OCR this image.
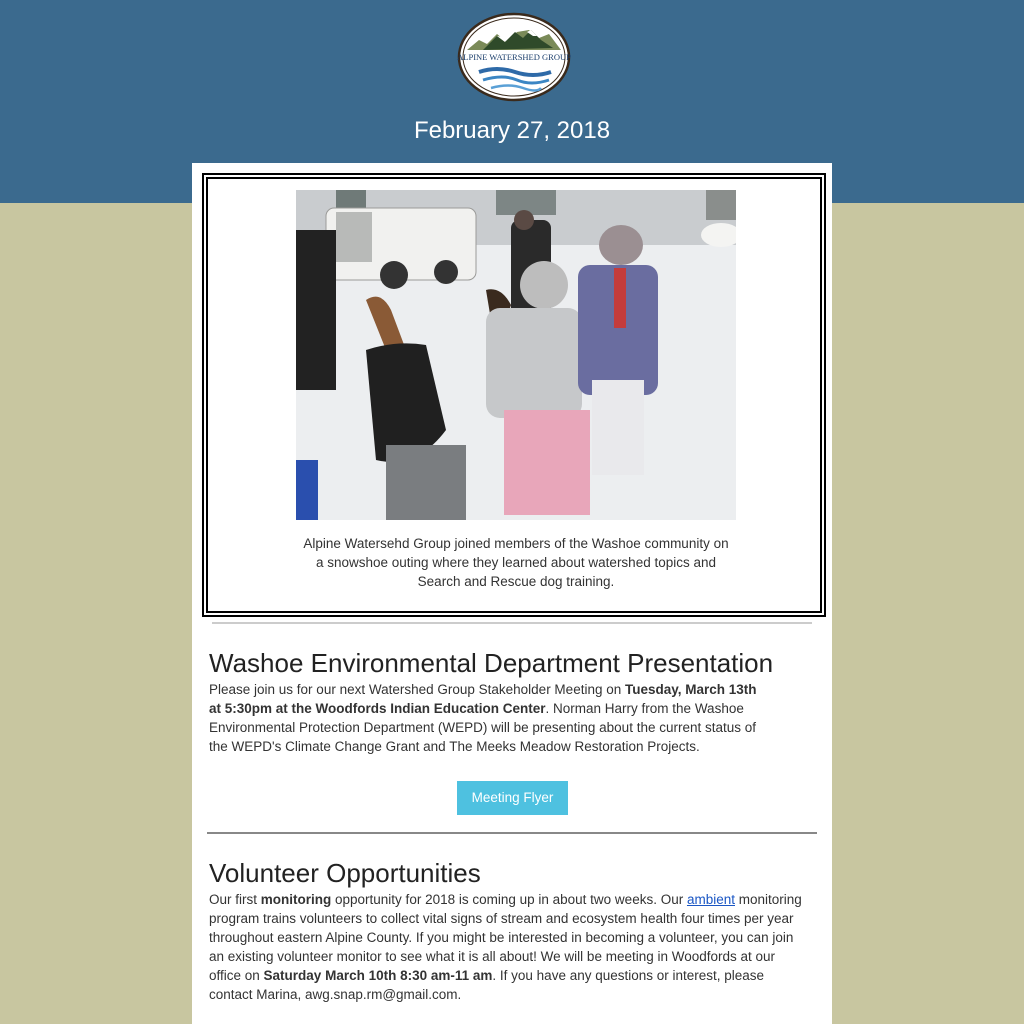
ALPINE WATERSHED GROUP
February 27, 2018
Alpine Watersehd Group joined members of the Washoe community on a snowshoe outing where they learned about watershed topics and Search and Rescue dog training.
Washoe Environmental Department Presentation

Please join us for our next Watershed Group Stakeholder Meeting on Tuesday, March 13th at 5:30pm at the Woodfords Indian Education Center. Norman Harry from the Washoe Environmental Protection Department (WEPD) will be presenting about the current status of the WEPD's Climate Change Grant and The Meeks Meadow Restoration Projects.

Meeting Flyer
Volunteer Opportunities

Our first monitoring opportunity for 2018 is coming up in about two weeks. Our ambient monitoring program trains volunteers to collect vital signs of stream and ecosystem health four times per year throughout eastern Alpine County. If you might be interested in becoming a volunteer, you can join an existing volunteer monitor to see what it is all about! We will be meeting in Woodfords at our office on Saturday March 10th 8:30 am-11 am. If you have any questions or interest, please contact Marina, awg.snap.rm@gmail.com.
